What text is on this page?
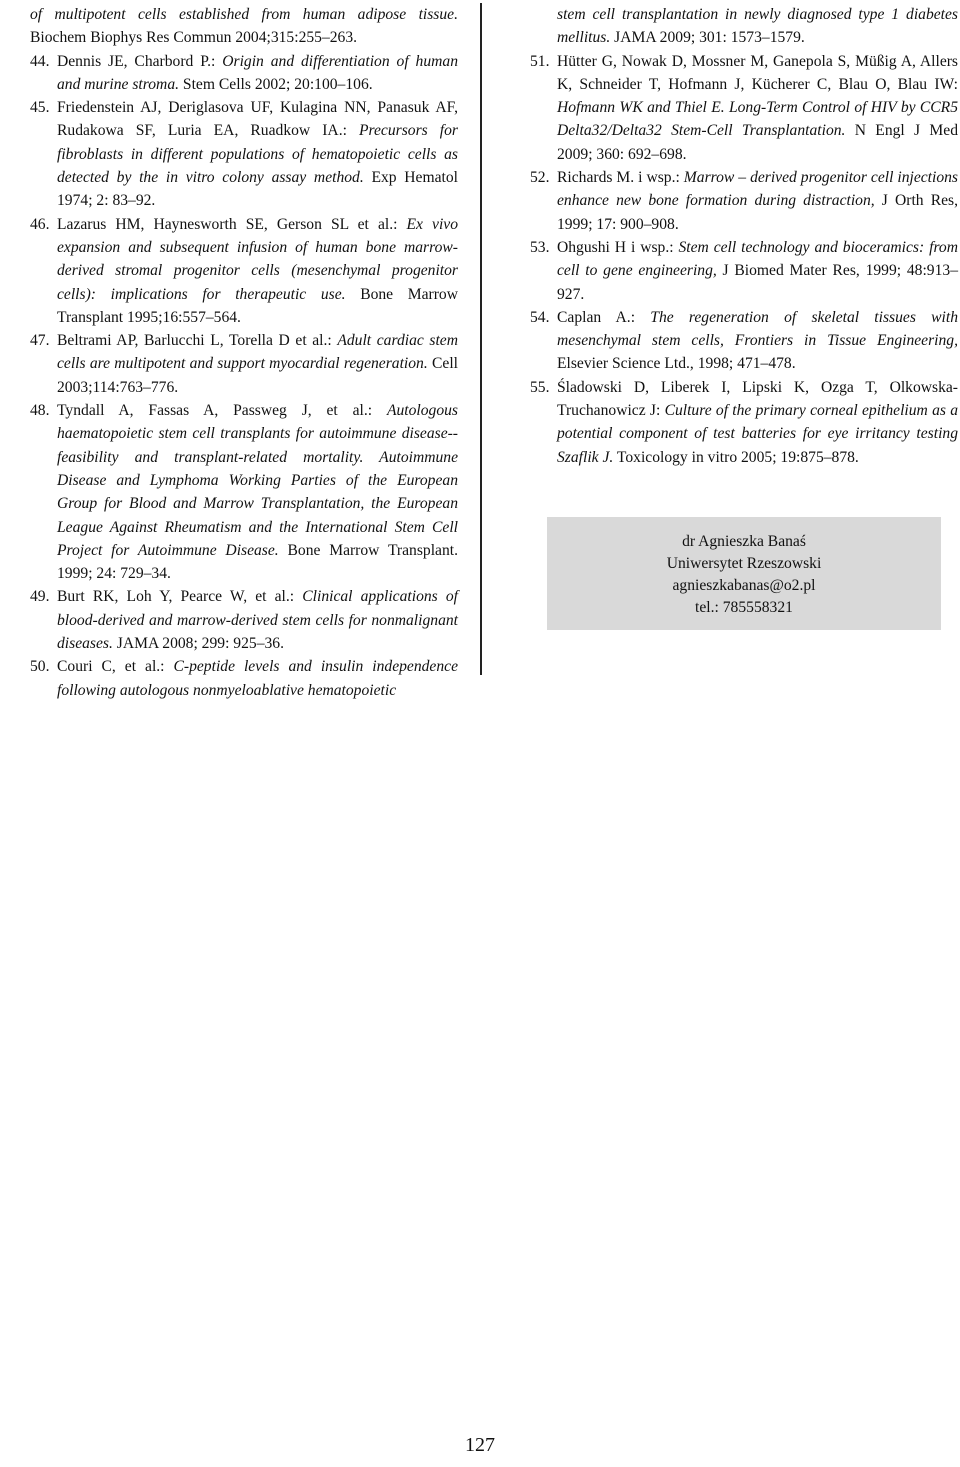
of multipotent cells established from human adipose tissue. Biochem Biophys Res Commun 2004;315:255–263.

44. Dennis JE, Charbord P.: Origin and differentiation of human and murine stroma. Stem Cells 2002; 20:100–106.

45. Friedenstein AJ, Deriglasova UF, Kulagina NN, Panasuk AF, Rudakowa SF, Luria EA, Ruadkow IA.: Precursors for fibroblasts in different populations of hematopoietic cells as detected by the in vitro colony assay method. Exp Hematol 1974; 2: 83–92.

46. Lazarus HM, Haynesworth SE, Gerson SL et al.: Ex vivo expansion and subsequent infusion of human bone marrow-derived stromal progenitor cells (mesenchymal progenitor cells): implications for therapeutic use. Bone Marrow Transplant 1995;16:557–564.

47. Beltrami AP, Barlucchi L, Torella D et al.: Adult cardiac stem cells are multipotent and support myocardial regeneration. Cell 2003;114:763–776.

48. Tyndall A, Fassas A, Passweg J, et al.: Autologous haematopoietic stem cell transplants for autoimmune disease--feasibility and transplant-related mortality. Autoimmune Disease and Lymphoma Working Parties of the European Group for Blood and Marrow Transplantation, the European League Against Rheumatism and the International Stem Cell Project for Autoimmune Disease. Bone Marrow Transplant. 1999; 24: 729–34.

49. Burt RK, Loh Y, Pearce W, et al.: Clinical applications of blood-derived and marrow-derived stem cells for nonmalignant diseases. JAMA 2008; 299: 925–36.

50. Couri C, et al.: C-peptide levels and insulin independence following autologous nonmyeloablative hematopoietic

stem cell transplantation in newly diagnosed type 1 diabetes mellitus. JAMA 2009; 301: 1573–1579.

51. Hütter G, Nowak D, Mossner M, Ganepola S, Müßig A, Allers K, Schneider T, Hofmann J, Kücherer C, Blau O, Blau IW: Hofmann WK and Thiel E. Long-Term Control of HIV by CCR5 Delta32/Delta32 Stem-Cell Transplantation. N Engl J Med 2009; 360: 692–698.

52. Richards M. i wsp.: Marrow – derived progenitor cell injections enhance new bone formation during distraction, J Orth Res, 1999; 17: 900–908.

53. Ohgushi H i wsp.: Stem cell technology and bioceramics: from cell to gene engineering, J Biomed Mater Res, 1999; 48:913–927.

54. Caplan A.: The regeneration of skeletal tissues with mesenchymal stem cells, Frontiers in Tissue Engineering, Elsevier Science Ltd., 1998; 471–478.

55. Śladowski D, Liberek I, Lipski K, Ozga T, Olkowska-Truchanowicz J: Culture of the primary corneal epithelium as a potential component of test batteries for eye irritancy testing Szaflik J. Toxicology in vitro 2005; 19:875–878.

dr Agnieszka Banaś
Uniwersytet Rzeszowski
agnieszkabanas@o2.pl
tel.: 785558321
127
